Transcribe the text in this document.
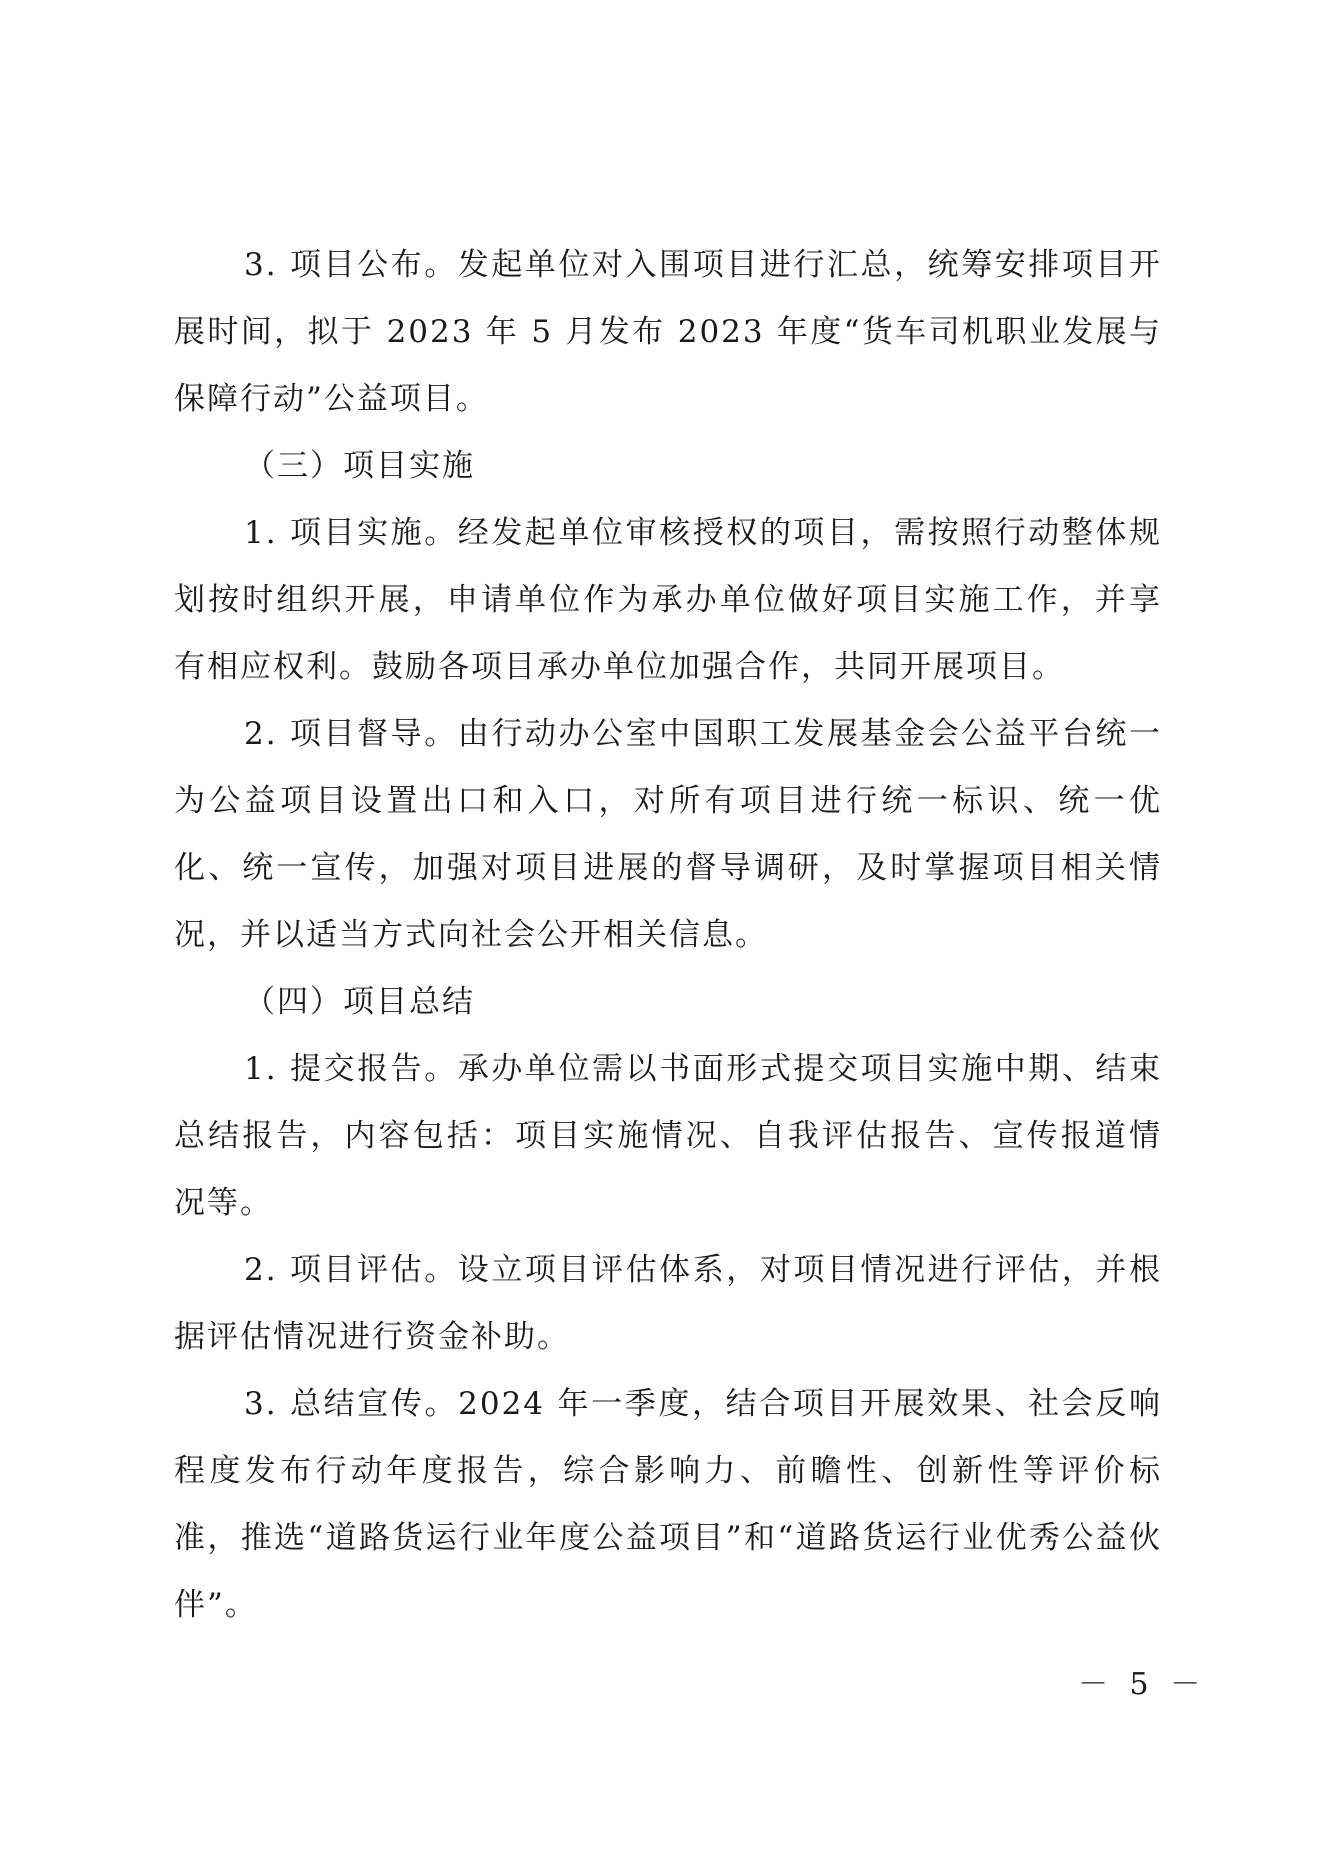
3. 项目公布。发起单位对入围项目进行汇总，统筹安排项目开展时间，拟于 2023 年 5 月发布 2023 年度“货车司机职业发展与保障行动”公益项目。

（三）项目实施

1. 项目实施。经发起单位审核授权的项目，需按照行动整体规划按时组织开展，申请单位作为承办单位做好项目实施工作，并享有相应权利。鼓励各项目承办单位加强合作，共同开展项目。

2. 项目督导。由行动办公室中国职工发展基金会公益平台统一为公益项目设置出口和入口，对所有项目进行统一标识、统一优化、统一宣传，加强对项目进展的督导调研，及时掌握项目相关情况，并以适当方式向社会公开相关信息。

（四）项目总结

1. 提交报告。承办单位需以书面形式提交项目实施中期、结束总结报告，内容包括：项目实施情况、自我评估报告、宣传报道情况等。

2. 项目评估。设立项目评估体系，对项目情况进行评估，并根据评估情况进行资金补助。

3. 总结宣传。2024 年一季度，结合项目开展效果、社会反响程度发布行动年度报告，综合影响力、前瞻性、创新性等评价标准，推选“道路货运行业年度公益项目”和“道路货运行业优秀公益伙伴”。

－ 5 －
